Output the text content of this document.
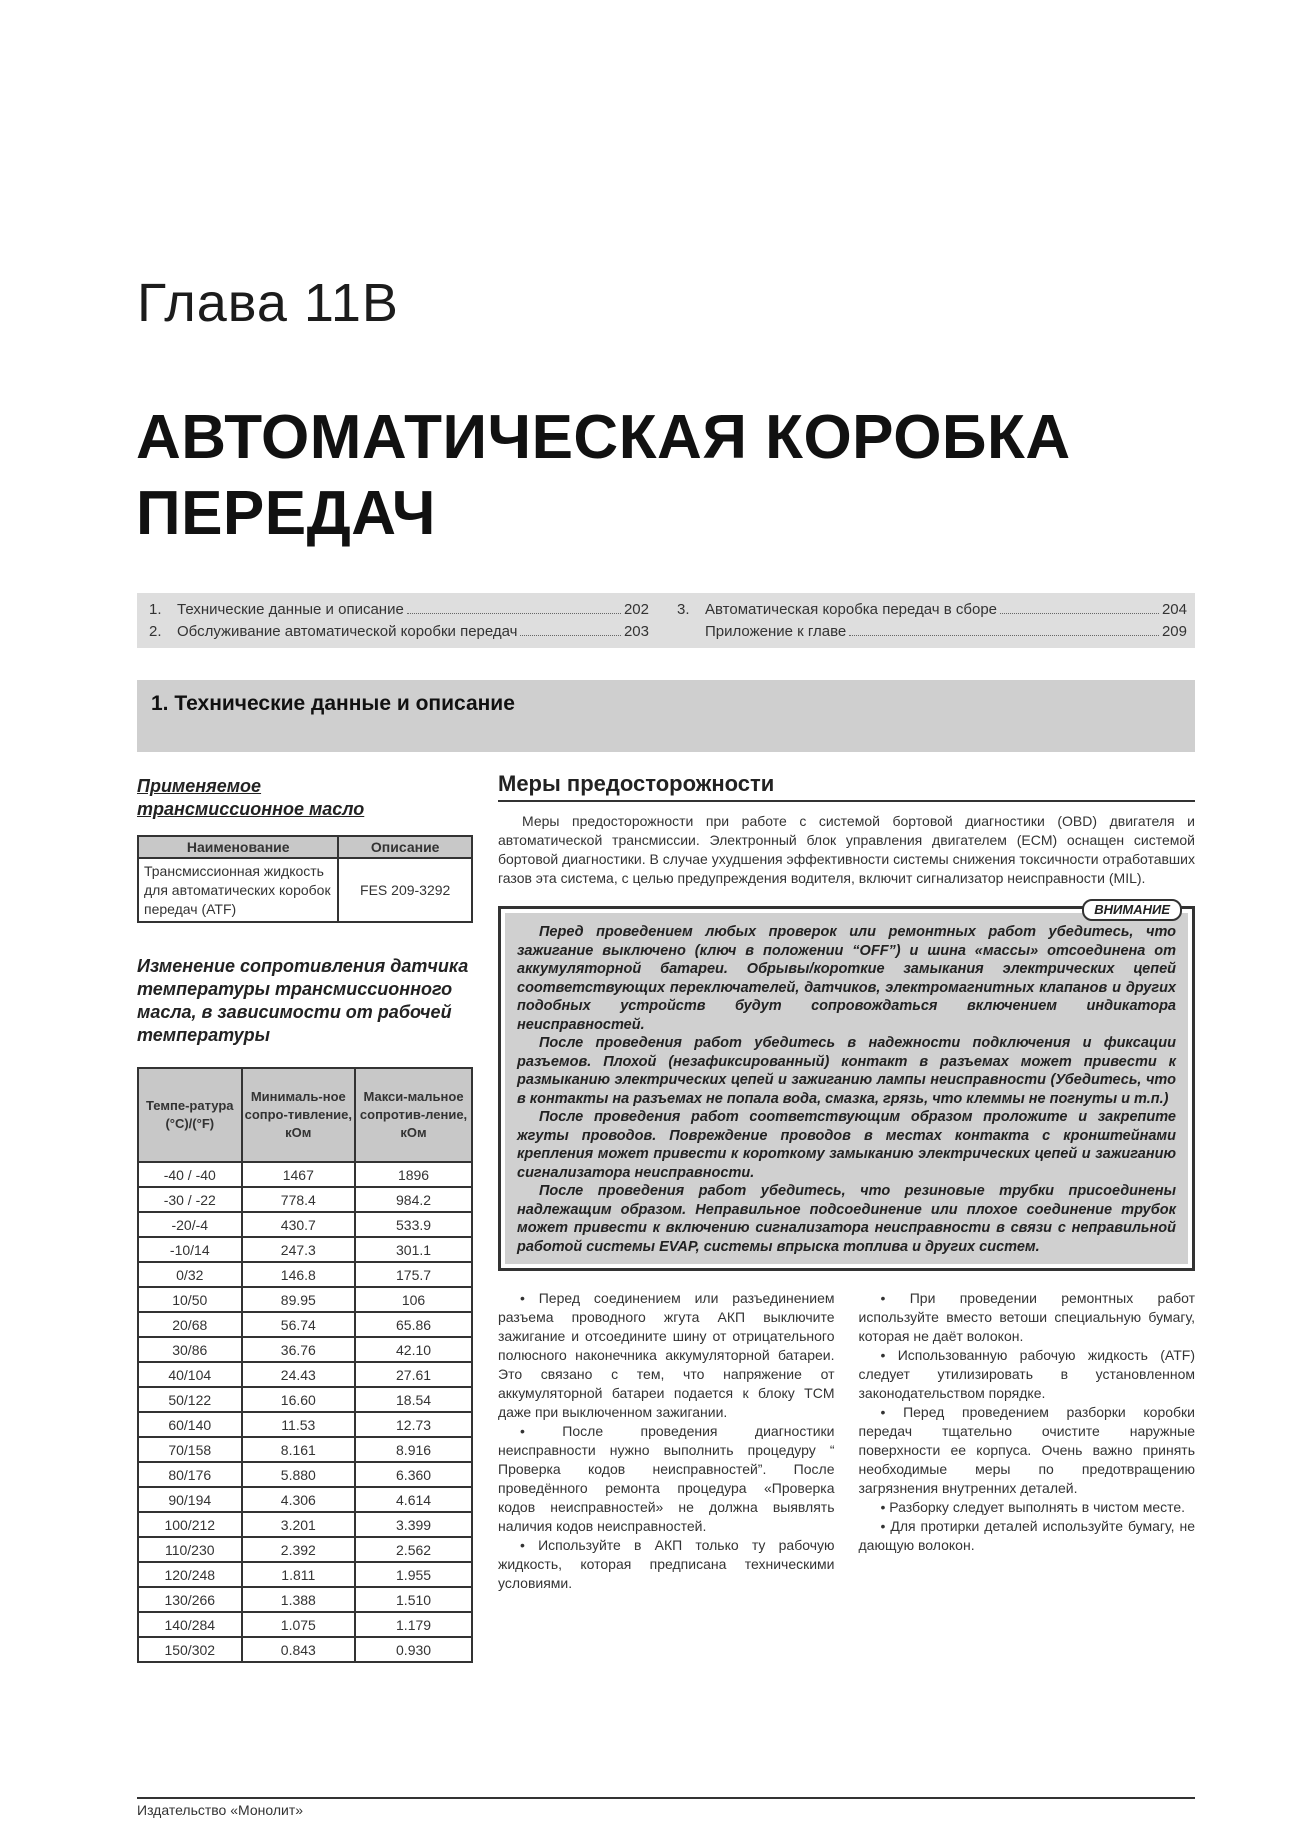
Глава 11B
АВТОМАТИЧЕСКАЯ КОРОБКА
ПЕРЕДАЧ
1.	Технические данные и описание	202
2.	Обслуживание автоматической коробки передач	203
3.	Автоматическая коробка передач в сборе	204
Приложение к главе	209
1. Технические данные и описание
Применяемое
трансмиссионное масло
Наименование	Описание
Трансмиссионная жидкость для автоматических коробок передач (ATF)	FES 209-3292
Изменение сопротивления датчика температуры трансмиссионного масла, в зависимости от рабочей температуры
Темпе-ратура (°C)/(°F)	Минималь-ное сопро-тивление, кОм	Макси-мальное сопротив-ление, кОм
-40 / -40	1467	1896
-30 / -22	778.4	984.2
-20/-4	430.7	533.9
-10/14	247.3	301.1
0/32	146.8	175.7
10/50	89.95	106
20/68	56.74	65.86
30/86	36.76	42.10
40/104	24.43	27.61
50/122	16.60	18.54
60/140	11.53	12.73
70/158	8.161	8.916
80/176	5.880	6.360
90/194	4.306	4.614
100/212	3.201	3.399
110/230	2.392	2.562
120/248	1.811	1.955
130/266	1.388	1.510
140/284	1.075	1.179
150/302	0.843	0.930
Меры предосторожности
Меры предосторожности при работе с системой бортовой диагностики (OBD) двигателя и автоматической трансмиссии. Электронный блок управления двигателем (ECM) оснащен системой бортовой диагностики. В случае ухудшения эффективности системы снижения токсичности отработавших газов эта система, с целью предупреждения водителя, включит сигнализатор неисправности (MIL).
ВНИМАНИЕ

Перед проведением любых проверок или ремонтных работ убедитесь, что зажигание выключено (ключ в положении “OFF”) и шина «массы» отсоединена от аккумуляторной батареи. Обрывы/короткие замыкания электрических цепей соответствующих переключателей, датчиков, электромагнитных клапанов и других подобных устройств будут сопровождаться включением индикатора неисправностей.

После проведения работ убедитесь в надежности подключения и фиксации разъемов. Плохой (незафиксированный) контакт в разъемах может привести к размыканию электрических цепей и зажиганию лампы неисправности (Убедитесь, что в контакты на разъемах не попала вода, смазка, грязь, что клеммы не погнуты и т.п.)

После проведения работ соответствующим образом проложите и закрепите жгуты проводов. Повреждение проводов в местах контакта с кронштейнами крепления может привести к короткому замыканию электрических цепей и зажиганию сигнализатора неисправности.

После проведения работ убедитесь, что резиновые трубки присоединены надлежащим образом. Неправильное подсоединение или плохое соединение трубок может привести к включению сигнализатора неисправности в связи с неправильной работой системы EVAP, системы впрыска топлива и других систем.

• Перед соединением или разъединением разъема проводного жгута АКП выключите зажигание и отсоедините шину от отрицательного полюсного наконечника аккумуляторной батареи. Это связано с тем, что напряжение от аккумуляторной батареи подается к блоку TCM даже при выключенном зажигании.

• После проведения диагностики неисправности нужно выполнить процедуру “ Проверка кодов неисправностей”. После проведённого ремонта процедура «Проверка кодов неисправностей» не должна выявлять наличия кодов неисправностей.

• Используйте в АКП только ту рабочую жидкость, которая предписана техническими условиями.

• При проведении ремонтных работ используйте вместо ветоши специальную бумагу, которая не даёт волокон.

• Использованную рабочую жидкость (ATF) следует утилизировать в установленном законодательством порядке.

• Перед проведением разборки коробки передач тщательно очистите наружные поверхности ее корпуса. Очень важно принять необходимые меры по предотвращению загрязнения внутренних деталей.

• Разборку следует выполнять в чистом месте.

• Для протирки деталей используйте бумагу, не дающую волокон.

Издательство «Монолит»
